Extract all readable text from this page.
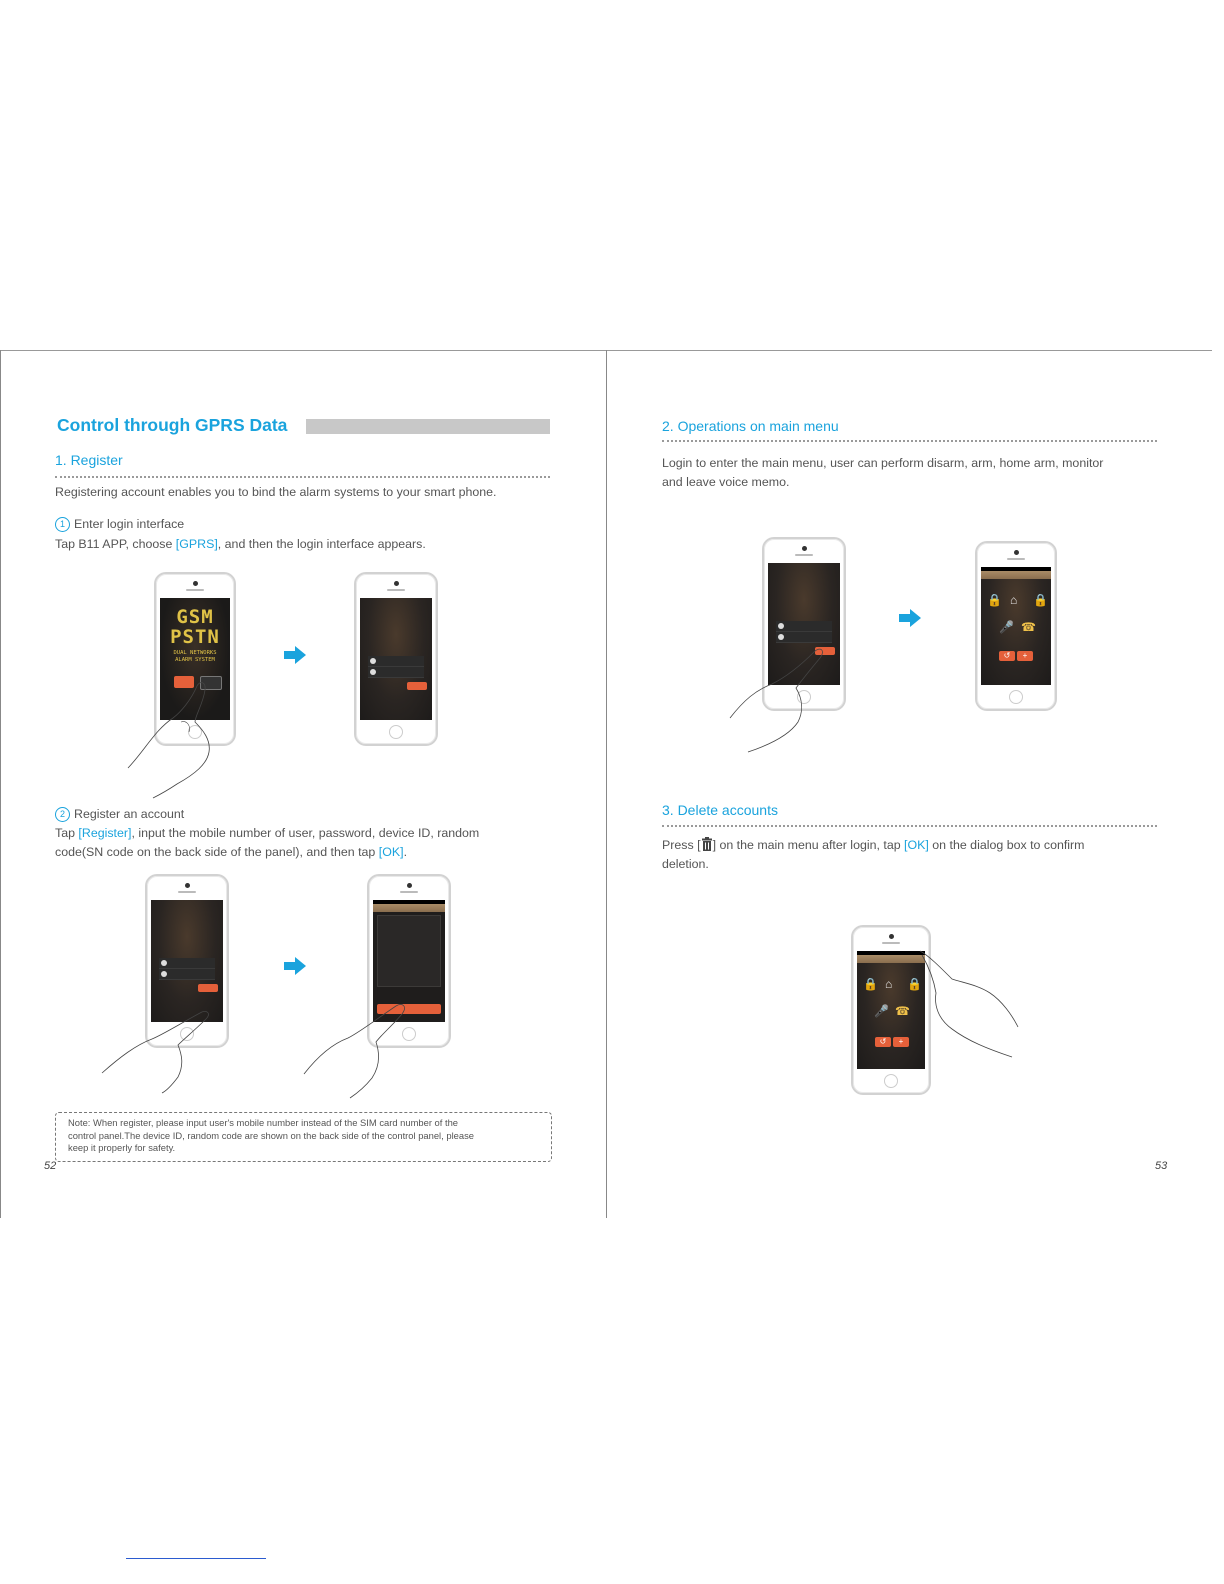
Control through GPRS Data
1. Register
Registering account enables you to bind the alarm systems to your smart phone.
1 Enter login interface
Tap B11 APP, choose [GPRS], and then the login interface appears.
GSM
PSTN
DUAL NETWORKS
ALARM SYSTEM
2 Register an account
Tap [Register], input the mobile number of user, password, device ID, random
code(SN code on the back side of the panel), and then tap [OK].
Note: When register, please input user's mobile number instead of the SIM card number of the
control panel.The device ID, random code are shown on the back side of the control panel, please
keep it properly for safety.
52
2. Operations on main menu
Login to enter the main menu, user can perform disarm, arm, home arm, monitor
and leave voice memo.
🔒 ⌂ 🔒
🎤 ☎
↺	+
3. Delete accounts
Press [ ] on the main menu after login, tap [OK] on the dialog box to confirm
deletion.
🔒 ⌂ 🔒
🎤 ☎
↺	+
53
